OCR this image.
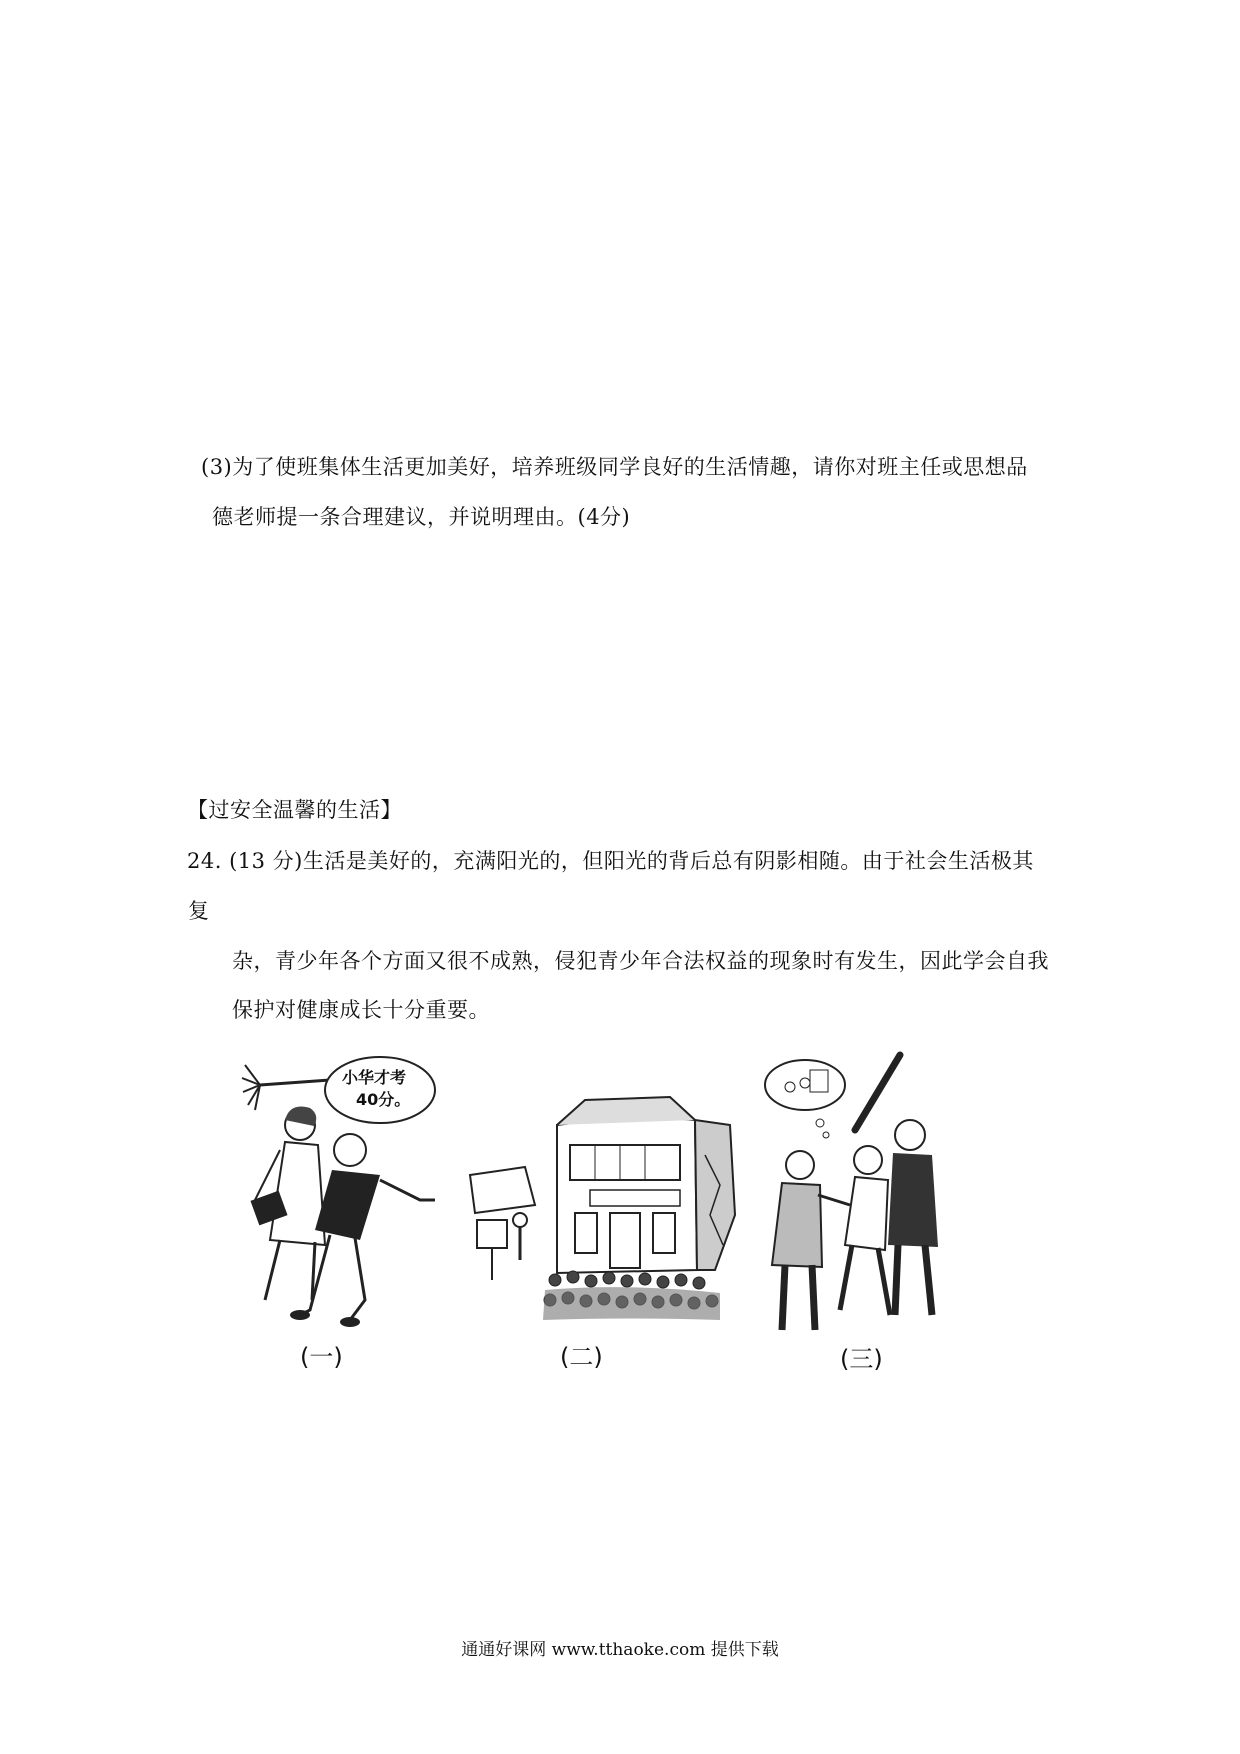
(3)为了使班集体生活更加美好，培养班级同学良好的生活情趣，请你对班主任或思想品
德老师提一条合理建议，并说明理由。(4分)
【过安全温馨的生活】
24. (13 分)生活是美好的，充满阳光的，但阳光的背后总有阴影相随。由于社会生活极其
复
杂，青少年各个方面又很不成熟，侵犯青少年合法权益的现象时有发生，因此学会自我
保护对健康成长十分重要。
小华才考
40分。
(一)	(二)	(三)
通通好课网 www.tthaoke.com 提供下载
